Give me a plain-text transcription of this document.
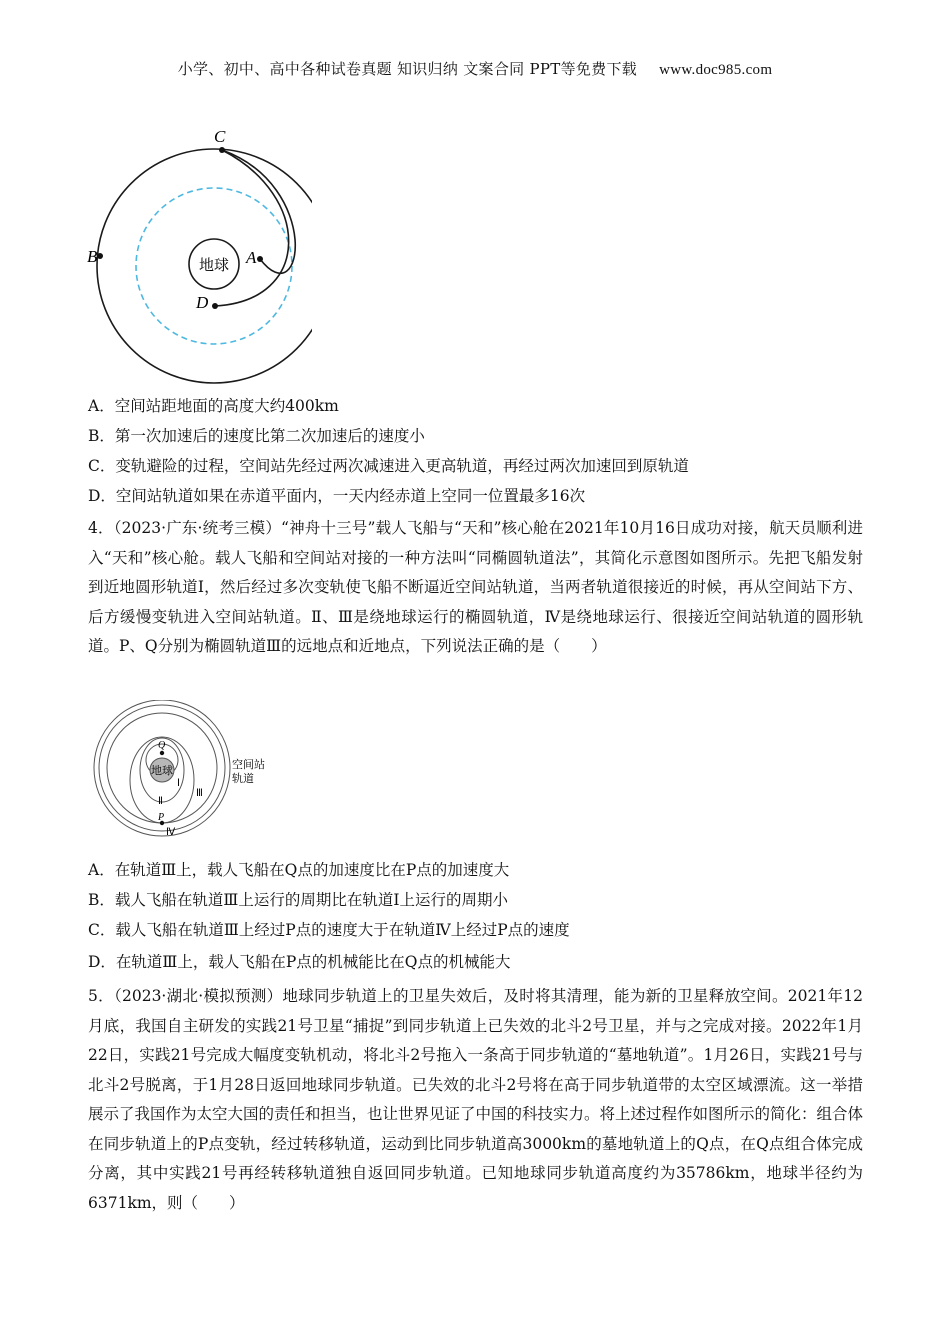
小学、初中、高中各种试卷真题 知识归纳 文案合同 PPT等免费下载 www.doc985.com
地球
C
B	A
D
A．空间站距地面的高度大约400km
B．第一次加速后的速度比第二次加速后的速度小
C．变轨避险的过程，空间站先经过两次减速进入更高轨道，再经过两次加速回到原轨道
D．空间站轨道如果在赤道平面内，一天内经赤道上空同一位置最多16次
4．（2023·广东·统考三模）“神舟十三号”载人飞船与“天和”核心舱在2021年10月16日成功对接，航天员顺利进入“天和”核心舱。载人飞船和空间站对接的一种方法叫“同椭圆轨道法”，其简化示意图如图所示。先把飞船发射到近地圆形轨道Ⅰ，然后经过多次变轨使飞船不断逼近空间站轨道，当两者轨道很接近的时候，再从空间站下方、后方缓慢变轨进入空间站轨道。Ⅱ、Ⅲ是绕地球运行的椭圆轨道，Ⅳ是绕地球运行、很接近空间站轨道的圆形轨道。P、Q分别为椭圆轨道Ⅲ的远地点和近地点，下列说法正确的是（　　）
地球
Q
P
Ⅰ
Ⅱ
Ⅲ
Ⅳ
空间站
轨道
A．在轨道Ⅲ上，载人飞船在Q点的加速度比在P点的加速度大
B．载人飞船在轨道Ⅲ上运行的周期比在轨道Ⅰ上运行的周期小
C．载人飞船在轨道Ⅲ上经过P点的速度大于在轨道Ⅳ上经过P点的速度
D．在轨道Ⅲ上，载人飞船在P点的机械能比在Q点的机械能大
5．（2023·湖北·模拟预测）地球同步轨道上的卫星失效后，及时将其清理，能为新的卫星释放空间。2021年12月底，我国自主研发的实践21号卫星“捕捉”到同步轨道上已失效的北斗2号卫星，并与之完成对接。2022年1月22日，实践21号完成大幅度变轨机动，将北斗2号拖入一条高于同步轨道的“墓地轨道”。1月26日，实践21号与北斗2号脱离，于1月28日返回地球同步轨道。已失效的北斗2号将在高于同步轨道带的太空区域漂流。这一举措展示了我国作为太空大国的责任和担当，也让世界见证了中国的科技实力。将上述过程作如图所示的简化：组合体在同步轨道上的P点变轨，经过转移轨道，运动到比同步轨道高3000km的墓地轨道上的Q点，在Q点组合体完成分离，其中实践21号再经转移轨道独自返回同步轨道。已知地球同步轨道高度约为35786km，地球半径约为6371km，则（　　）
